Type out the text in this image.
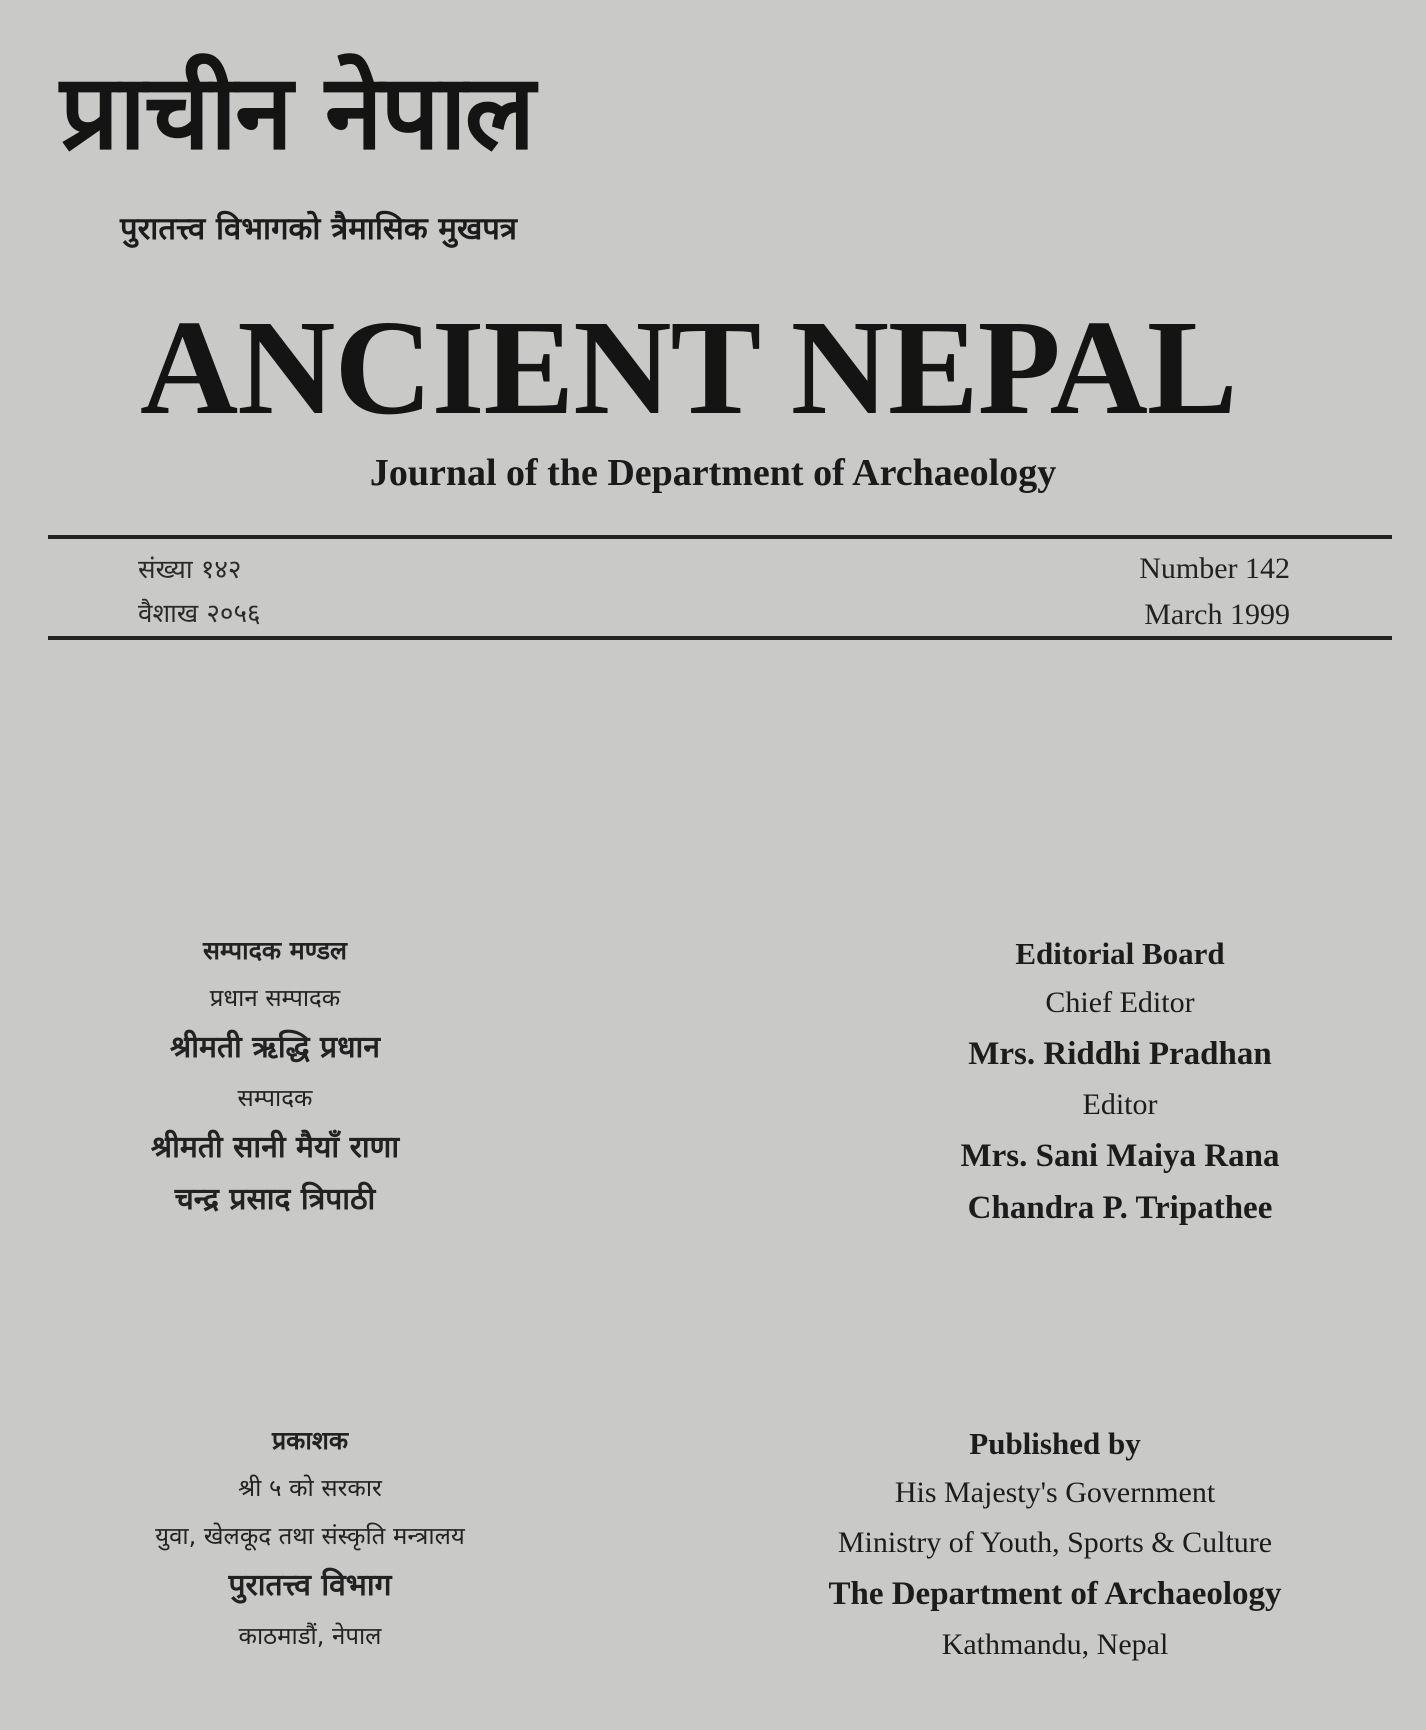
प्राचीन नेपाल
पुरातत्त्व विभागको त्रैमासिक मुखपत्र
ANCIENT NEPAL
Journal of the Department of Archaeology
संख्या १४२
वैशाख २०५६
Number 142
March 1999
सम्पादक मण्डल
प्रधान सम्पादक
श्रीमती ऋद्धि प्रधान
सम्पादक
श्रीमती सानी मैयाँ राणा
चन्द्र प्रसाद त्रिपाठी
Editorial Board
Chief Editor
Mrs. Riddhi Pradhan
Editor
Mrs. Sani Maiya Rana
Chandra P. Tripathee
प्रकाशक
श्री ५ को सरकार
युवा, खेलकूद तथा संस्कृति मन्त्रालय
पुरातत्त्व विभाग
काठमाडौं, नेपाल
Published by
His Majesty's Government
Ministry of Youth, Sports & Culture
The Department of Archaeology
Kathmandu, Nepal
